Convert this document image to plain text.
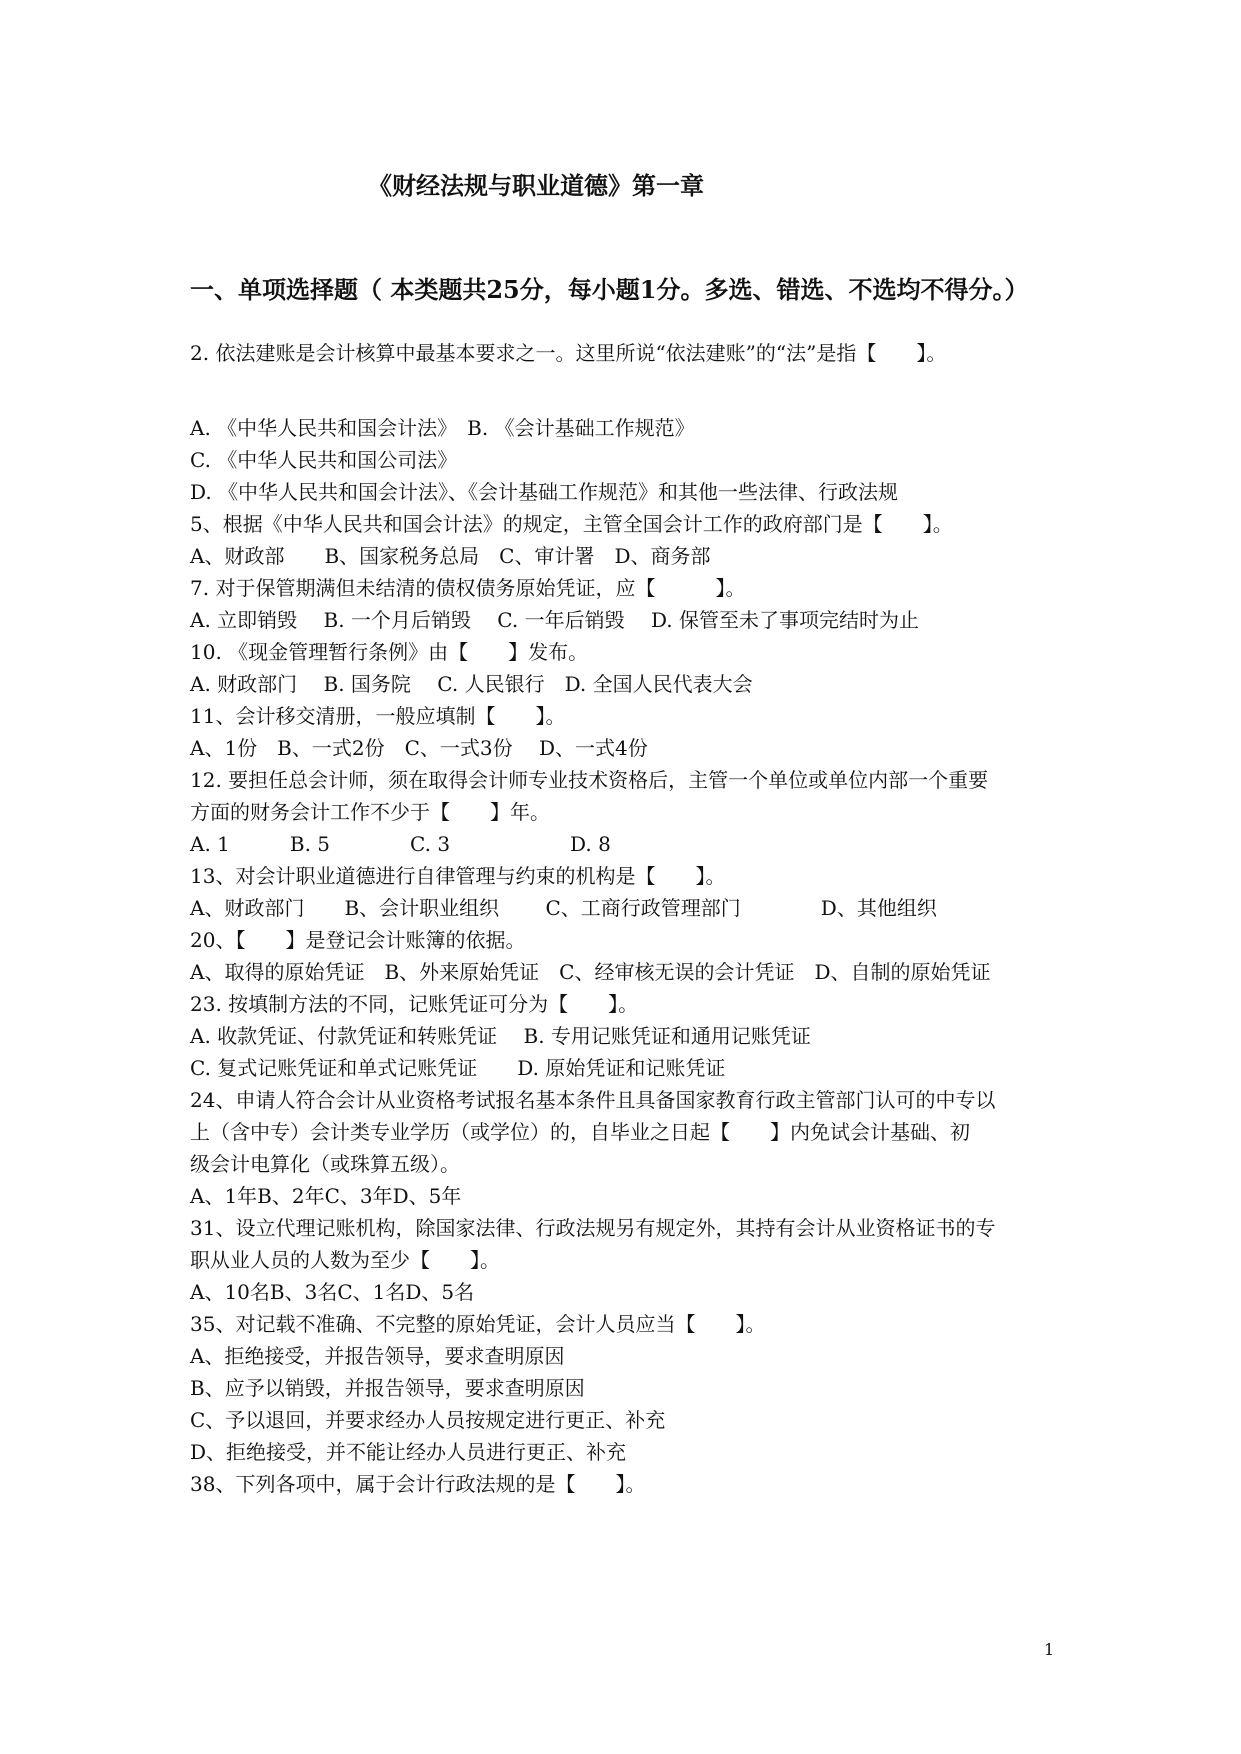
《财经法规与职业道德》第一章
一、单项选择题（ 本类题共25分，每小题1分。多选、错选、不选均不得分。）
2. 依法建账是会计核算中最基本要求之一。这里所说“依法建账”的“法”是指【　　】。
A. 《中华人民共和国会计法》　B. 《会计基础工作规范》
C. 《中华人民共和国公司法》
D. 《中华人民共和国会计法》、《会计基础工作规范》和其他一些法律、行政法规
5、根据《中华人民共和国会计法》的规定，主管全国会计工作的政府部门是【　　】。
A、财政部　　B、国家税务总局　C、审计署　D、商务部
7. 对于保管期满但未结清的债权债务原始凭证，应【　　　】。
A. 立即销毁　 B. 一个月后销毁　 C. 一年后销毁　 D. 保管至未了事项完结时为止
10. 《现金管理暂行条例》由【　　】发布。
A. 财政部门　 B. 国务院　 C. 人民银行　D. 全国人民代表大会
11、会计移交清册，一般应填制【　　】。
A、1份　B、一式2份　C、一式3份　 D、一式4份
12. 要担任总会计师，须在取得会计师专业技术资格后，主管一个单位或单位内部一个重要
方面的财务会计工作不少于【　　】年。
A. 1　　　B. 5　　　　C. 3　　　　　　D. 8
13、对会计职业道德进行自律管理与约束的机构是【　　】。
A、财政部门　　B、会计职业组织　　 C、工商行政管理部门　　　　D、其他组织
20、【　　】是登记会计账簿的依据。
A、取得的原始凭证　B、外来原始凭证　C、经审核无误的会计凭证　D、自制的原始凭证
23. 按填制方法的不同，记账凭证可分为【　　】。
A. 收款凭证、付款凭证和转账凭证　 B. 专用记账凭证和通用记账凭证
C. 复式记账凭证和单式记账凭证　　D. 原始凭证和记账凭证
24、申请人符合会计从业资格考试报名基本条件且具备国家教育行政主管部门认可的中专以
上（含中专）会计类专业学历（或学位）的，自毕业之日起【　　】内免试会计基础、初
级会计电算化（或珠算五级）。
A、1年B、2年C、3年D、5年
31、设立代理记账机构，除国家法律、行政法规另有规定外，其持有会计从业资格证书的专
职从业人员的人数为至少【　　】。
A、10名B、3名C、1名D、5名
35、对记载不准确、不完整的原始凭证，会计人员应当【　　】。
A、拒绝接受，并报告领导，要求查明原因
B、应予以销毁，并报告领导，要求查明原因
C、予以退回，并要求经办人员按规定进行更正、补充
D、拒绝接受，并不能让经办人员进行更正、补充
38、下列各项中，属于会计行政法规的是【　　】。
1
